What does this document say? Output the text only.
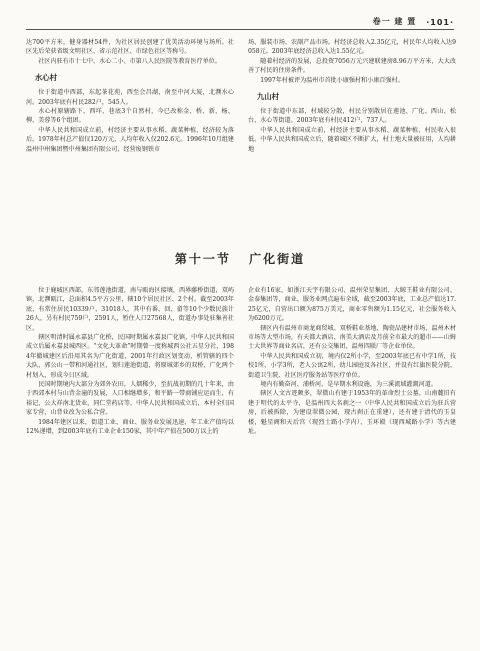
卷一 建 置 ·101·

达700平方米，健身器材54件，为社区居民创建了优美活动环境与场所。社区先后荣获省级文明社区、省示范社区、市绿色社区等称号。

社区内驻有市十七中、水心二小、市第八人民医院等教育医疗单位。

水心村

位于街道中西部，东起茶花苑，西至会昌湖，南至中河大厦，北濒水心河。2003年底有村民282户，545人。

水心村原辖路下、西垟、巷底3个自然村，今已改称金、桥、新、杨、柳、美蓉等6个组团。

中华人民共和国成立前，村经济主要从事水稻、蔬菜种植，经济较为落后。1978年村总产值仅120万元，人均年收入仅202.6元。1996年10月组建温州中州集团暨中州集团有限公司，经营废钢铁市

场、服装市场、农副产品市场。村经济总收入2.35亿元，村民年人均收入达9058元。2003年底经济总收入达1.55亿元。

随着村经济的发展，总投资7056万元兴建联建房8.96万平方米，大大改善了村民的住房条件。

1997年村被评为温州市首批小康强村和小康百强村。

九山村

位于街道中东部，村域较分散，村民分别散居在莲池、广化、西山、松台、水心等街道。2003年底有村民412户，737人。

中华人民共和国成立前，村经济主要从事水稻、蔬菜种植，村民收入很低。中华人民共和国成立后，随着城区不断扩大，村土地大量被征用，人均耕地

第十一节 广化街道

位于鹿城区西部，东邻莲池街道，南与瓯海区接壤，西界藤桥街道，双屿镇，北濒瓯江，总面积4.5平方公里，辖10个居民社区、2个村。截至2003年底，有常住居民10339户，31018人，其中有番、回、畲等10个少数民族计26人，另有村民759户，2591人，暂住人口27568人，街道办事处驻集善社区。

辖区明清时属永嘉县广化桥，民国时期属永嘉县广化镇，中华人民共和国成立后属永嘉县城西区。“文化大革命”时期曾一度称城西公社五星分社，1984年撤城建区后沿用其名为广化街道，2001年行政区划变动，析管辖的四个大队、郭公山一带和河通社区，划归莲池街道，将原城郊乡的双桥、广化两个村划入，形成今日区域。

民国时期境内大部分为郊外农田，人烟稀少，至抗战初期的几十年来，由于西郊本村与山背金潼的发展，人口相继增多，和平路一带商铺应运而生，有裕记、公大祥南北货业，同仁堂药店等，中华人民共和国成立后，本村全归国家专营，山背业改为公私合营。

1984年建区以来，街道工业、商业、服务业发展迅速，年工业产值均以12%递增，到2003年底有工业企业150家，其中年产值在500万以上的

企业有16家，如浙江天宇有限公司、温州荣星集团、大鲸王鞋业有限公司、金泰集团等，商业、服务业网点遍布全域，截至2003年底，工业总产值达17.25亿元，自营出口额为875万美元，商业零售额为1.15亿元，社会服务收入为6200万元。

辖区内有温州市商龙商贸城、双桥鞋业基地、陶瓷品建材市场、温州木材市场等大型市场，有天都大酒店、南美大酒店及月前全市最大的超市——山姆士大世界等商业名店，还有公交集团、温州四联厂等企业单位。

中华人民共和国成立初，境内仅2所小学，至2003年底已有中学1所，技校1所，小学3所，老人公寓2所，幼儿园庭及各社区，并设有红旗医院分院、街道卫生院、社区医疗服务站等医疗单位。

境内有勤奋河、浦桥河，是早期水利设施，为三溪流域灌溉河道。

辖区人文古迹颇多，翠微山有建于1953年的革命烈士公墓，山南麓旧有建于明代的太平寺，是温州四大名刹之一（中华人民共和国成立后为驻兵营房，后被拆除，为建设翠微公园，现古刹正在重建），还有建于清代的玉皇楼，魁星阁和天后宫（现烈士路小学内），玉环殿（现西城路小学）等古建址。
